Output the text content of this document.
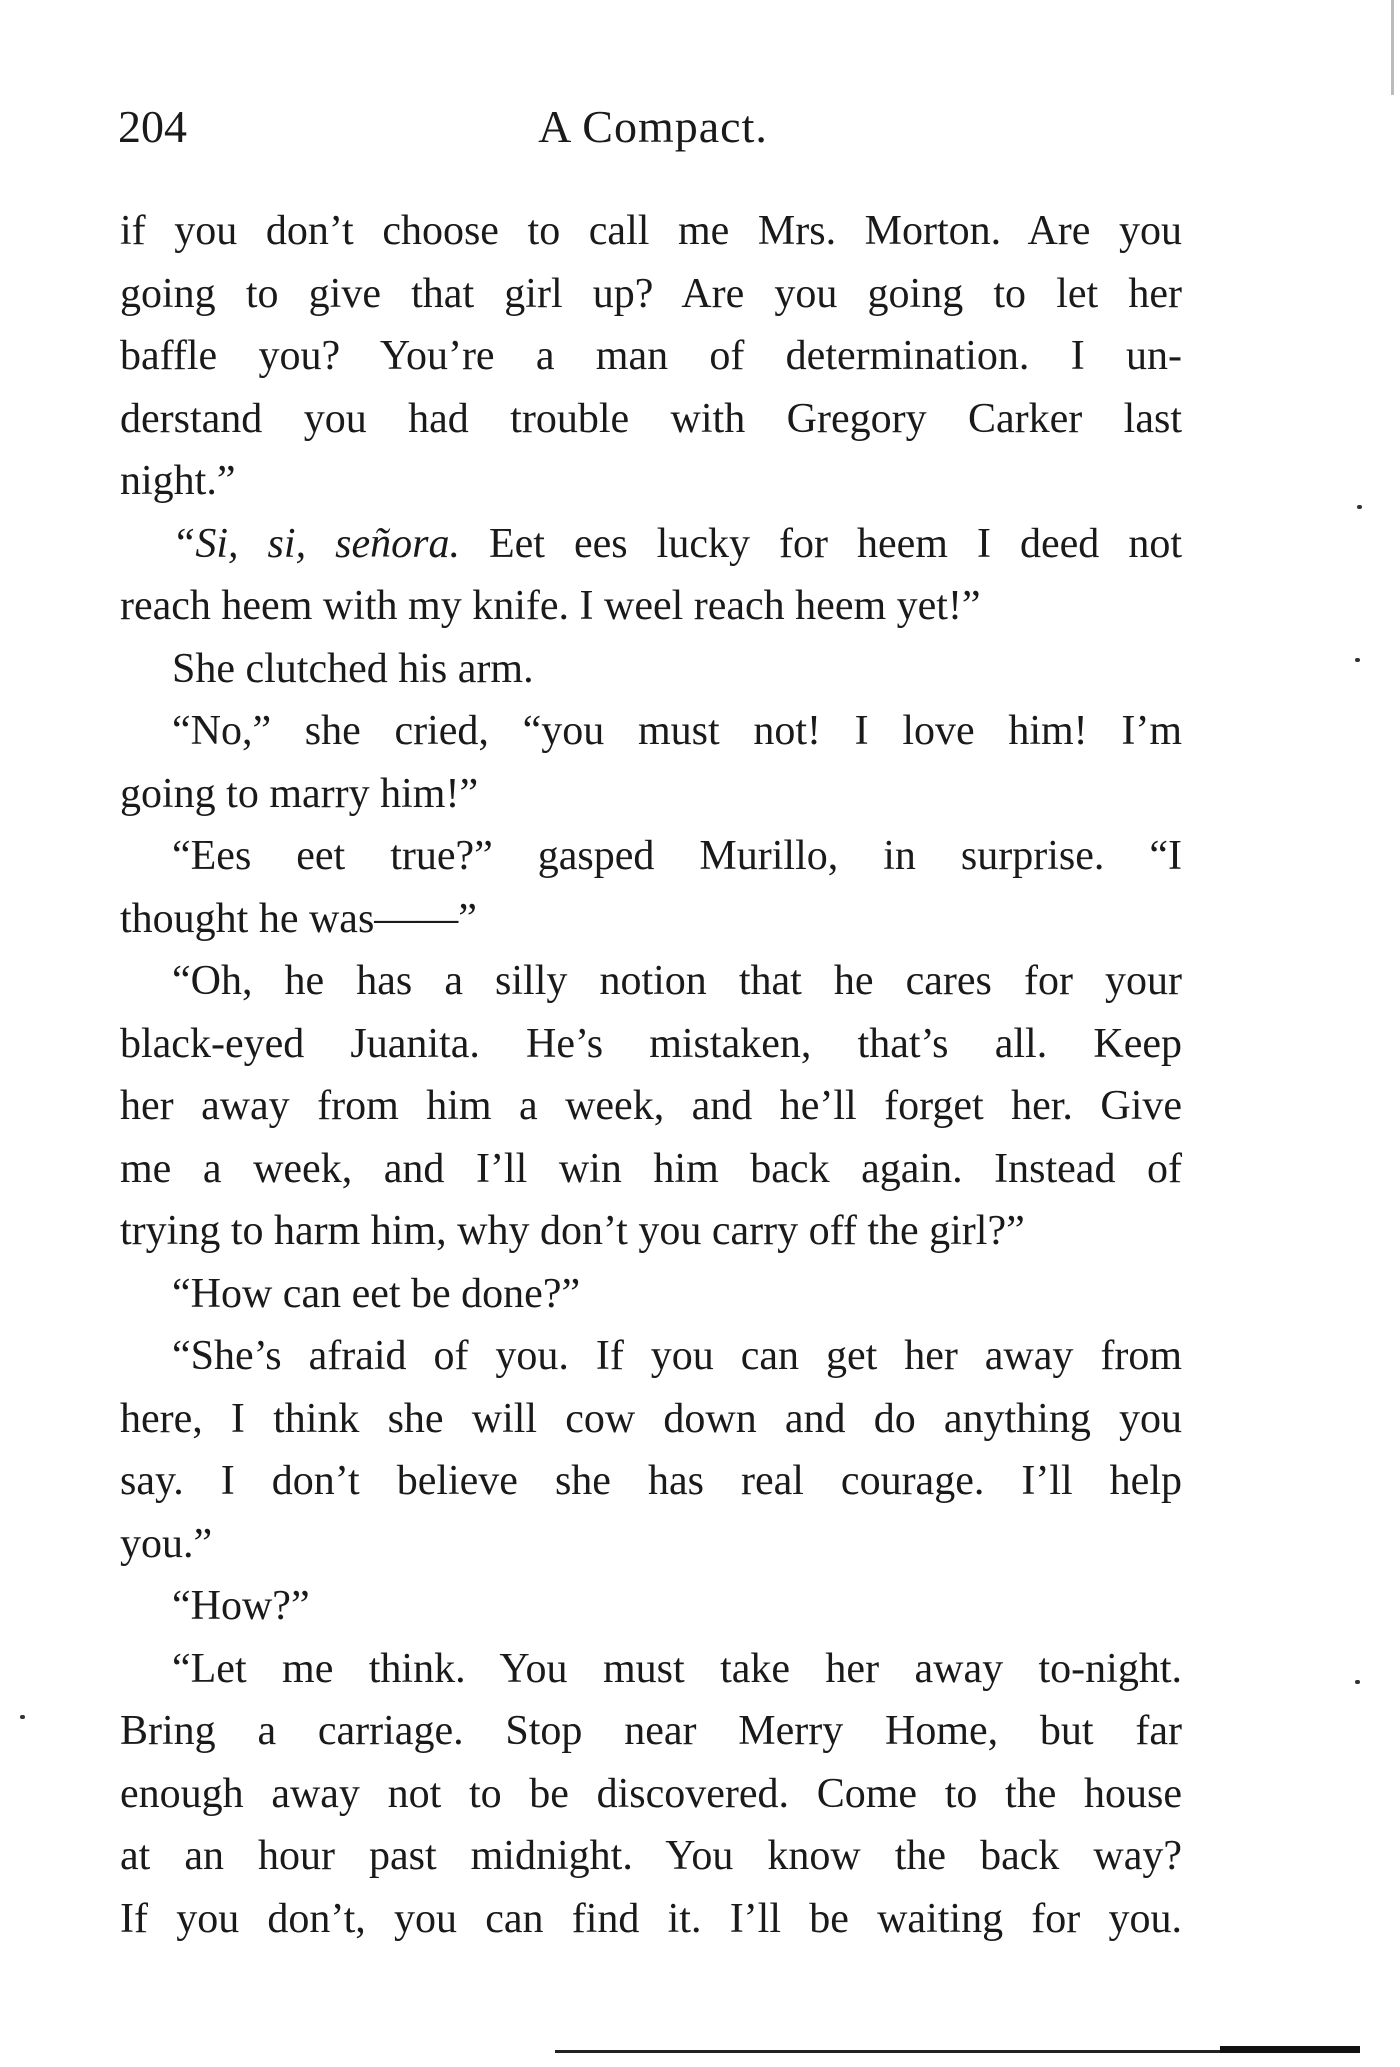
204	A Compact.
if you don’t choose to call me Mrs. Morton. Are you
going to give that girl up? Are you going to let her
baffle you? You’re a man of determination. I un-
derstand you had trouble with Gregory Carker last
night.”
“Si, si, señora. Eet ees lucky for heem I deed not
reach heem with my knife. I weel reach heem yet!”
She clutched his arm.
“No,” she cried, “you must not! I love him! I’m
going to marry him!”
“Ees eet true?” gasped Murillo, in surprise. “I
thought he was——”
“Oh, he has a silly notion that he cares for your
black-eyed Juanita. He’s mistaken, that’s all. Keep
her away from him a week, and he’ll forget her. Give
me a week, and I’ll win him back again. Instead of
trying to harm him, why don’t you carry off the girl?”
“How can eet be done?”
“She’s afraid of you. If you can get her away from
here, I think she will cow down and do anything you
say. I don’t believe she has real courage. I’ll help
you.”
“How?”
“Let me think. You must take her away to-night.
Bring a carriage. Stop near Merry Home, but far
enough away not to be discovered. Come to the house
at an hour past midnight. You know the back way?
If you don’t, you can find it. I’ll be waiting for you.
